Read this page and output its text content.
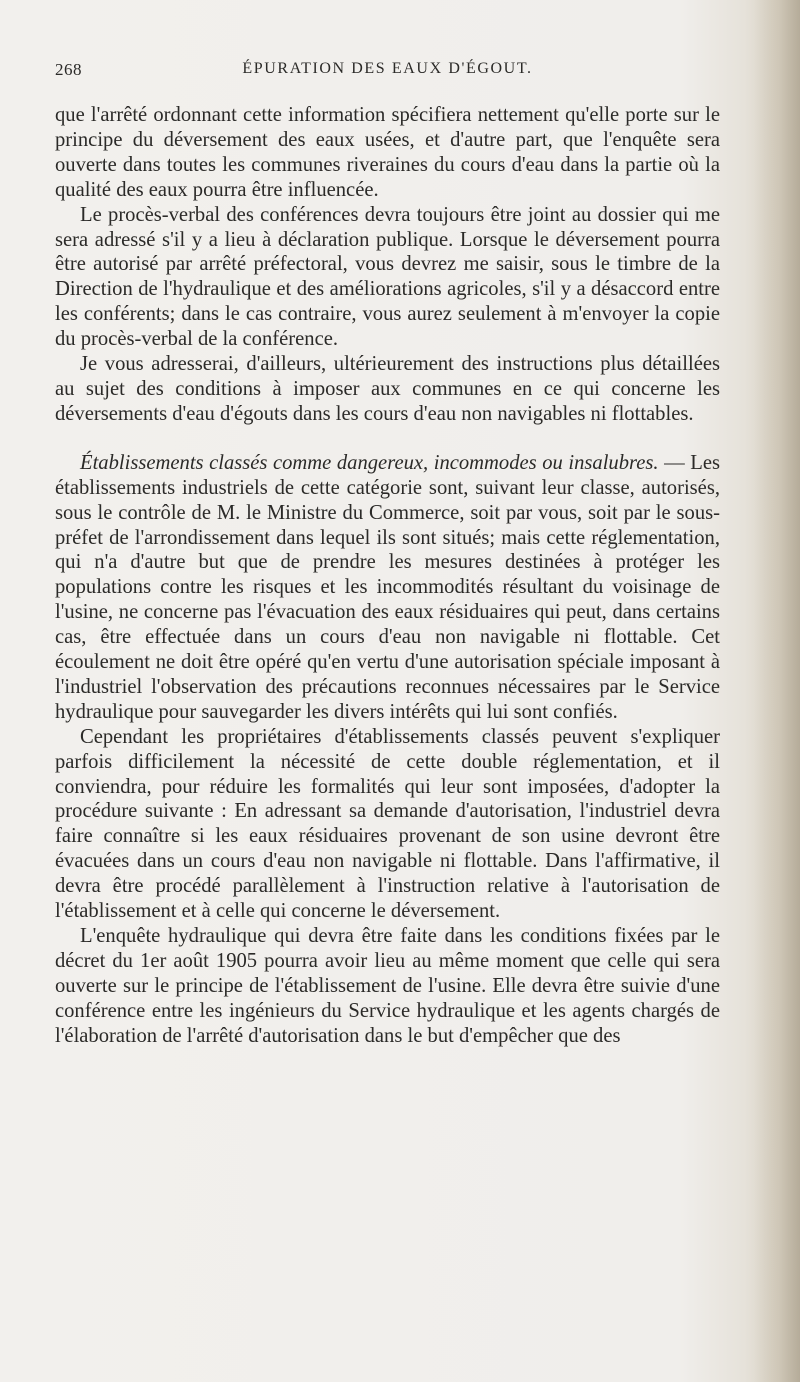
268	ÉPURATION DES EAUX D'ÉGOUT.

que l'arrêté ordonnant cette information spécifiera nettement qu'elle porte sur le principe du déversement des eaux usées, et d'autre part, que l'enquête sera ouverte dans toutes les communes riveraines du cours d'eau dans la partie où la qualité des eaux pourra être influencée.

Le procès-verbal des conférences devra toujours être joint au dossier qui me sera adressé s'il y a lieu à déclaration publique. Lorsque le déversement pourra être autorisé par arrêté préfectoral, vous devrez me saisir, sous le timbre de la Direction de l'hydraulique et des améliorations agricoles, s'il y a désaccord entre les conférents; dans le cas contraire, vous aurez seulement à m'envoyer la copie du procès-verbal de la conférence.

Je vous adresserai, d'ailleurs, ultérieurement des instructions plus détaillées au sujet des conditions à imposer aux communes en ce qui concerne les déversements d'eau d'égouts dans les cours d'eau non navigables ni flottables.

Établissements classés comme dangereux, incommodes ou insalubres. — Les établissements industriels de cette catégorie sont, suivant leur classe, autorisés, sous le contrôle de M. le Ministre du Commerce, soit par vous, soit par le sous-préfet de l'arrondissement dans lequel ils sont situés; mais cette réglementation, qui n'a d'autre but que de prendre les mesures destinées à protéger les populations contre les risques et les incommodités résultant du voisinage de l'usine, ne concerne pas l'évacuation des eaux résiduaires qui peut, dans certains cas, être effectuée dans un cours d'eau non navigable ni flottable. Cet écoulement ne doit être opéré qu'en vertu d'une autorisation spéciale imposant à l'industriel l'observation des précautions reconnues nécessaires par le Service hydraulique pour sauvegarder les divers intérêts qui lui sont confiés.

Cependant les propriétaires d'établissements classés peuvent s'expliquer parfois difficilement la nécessité de cette double réglementation, et il conviendra, pour réduire les formalités qui leur sont imposées, d'adopter la procédure suivante : En adressant sa demande d'autorisation, l'industriel devra faire connaître si les eaux résiduaires provenant de son usine devront être évacuées dans un cours d'eau non navigable ni flottable. Dans l'affirmative, il devra être procédé parallèlement à l'instruction relative à l'autorisation de l'établissement et à celle qui concerne le déversement.

L'enquête hydraulique qui devra être faite dans les conditions fixées par le décret du 1er août 1905 pourra avoir lieu au même moment que celle qui sera ouverte sur le principe de l'établissement de l'usine. Elle devra être suivie d'une conférence entre les ingénieurs du Service hydraulique et les agents chargés de l'élaboration de l'arrêté d'autorisation dans le but d'empêcher que des
